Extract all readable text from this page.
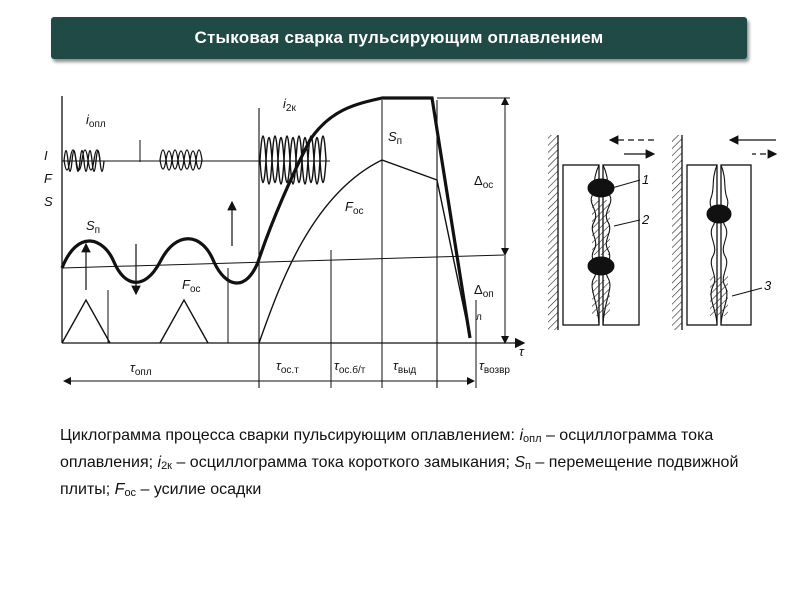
Стыковая сварка пульсирующим оплавлением
I
F
S
τ
$i_{опл}$
$i_{2к}$
$S_п$
$S_п$
$F_{ос}$
$F_{ос}$
$\Delta_{ос}$
$\Delta_{оп}$
л
$\tau_{опл}$	$\tau_{ос.т}$	$\tau_{ос.б/т}$ $\tau_{выд}$	$\tau_{возвр}$
1
2
3
Циклограмма процесса сварки пульсирующим оплавлением: $i_{опл}$ – осциллограмма тока оплавления; $i_{2к}$ – осциллограмма тока короткого замыкания; $S_п$ – перемещение подвижной плиты; $F_{ос}$ – усилие осадки
